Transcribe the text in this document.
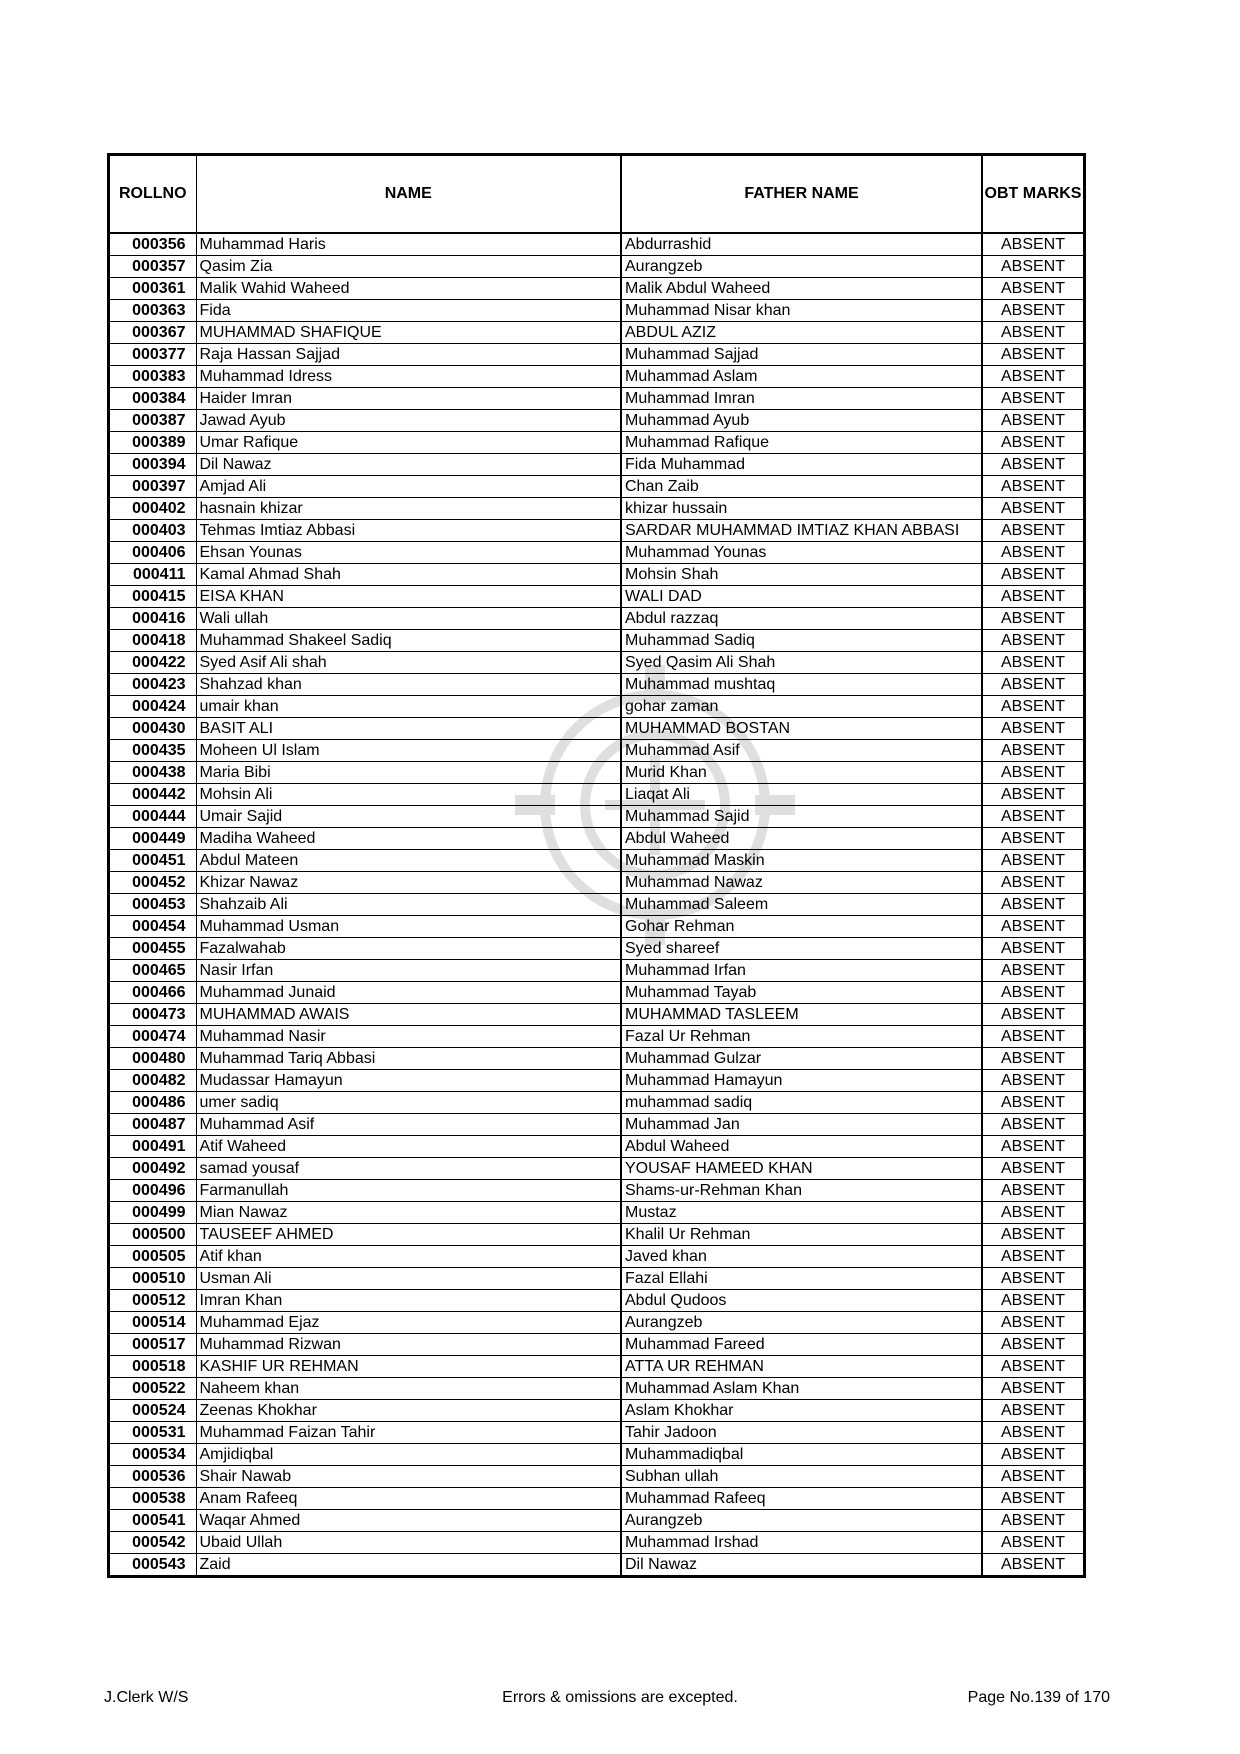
ROLLNO	NAME	FATHER NAME	OBT MARKS
000356	Muhammad Haris	Abdurrashid	ABSENT
000357	Qasim Zia	Aurangzeb	ABSENT
000361	Malik Wahid Waheed	Malik Abdul Waheed	ABSENT
000363	Fida	Muhammad Nisar khan	ABSENT
000367	MUHAMMAD SHAFIQUE	ABDUL AZIZ	ABSENT
000377	Raja Hassan Sajjad	Muhammad Sajjad	ABSENT
000383	Muhammad Idress	Muhammad Aslam	ABSENT
000384	Haider Imran	Muhammad Imran	ABSENT
000387	Jawad Ayub	Muhammad Ayub	ABSENT
000389	Umar Rafique	Muhammad Rafique	ABSENT
000394	Dil Nawaz	Fida Muhammad	ABSENT
000397	Amjad Ali	Chan Zaib	ABSENT
000402	hasnain khizar	khizar hussain	ABSENT
000403	Tehmas Imtiaz Abbasi	SARDAR MUHAMMAD IMTIAZ KHAN ABBASI	ABSENT
000406	Ehsan Younas	Muhammad Younas	ABSENT
000411	Kamal Ahmad Shah	Mohsin Shah	ABSENT
000415	EISA KHAN	WALI DAD	ABSENT
000416	Wali ullah	Abdul razzaq	ABSENT
000418	Muhammad Shakeel Sadiq	Muhammad Sadiq	ABSENT
000422	Syed Asif Ali shah	Syed Qasim Ali Shah	ABSENT
000423	Shahzad khan	Muhammad mushtaq	ABSENT
000424	umair khan	gohar zaman	ABSENT
000430	BASIT ALI	MUHAMMAD BOSTAN	ABSENT
000435	Moheen Ul Islam	Muhammad Asif	ABSENT
000438	Maria Bibi	Murid Khan	ABSENT
000442	Mohsin Ali	Liaqat Ali	ABSENT
000444	Umair Sajid	Muhammad Sajid	ABSENT
000449	Madiha Waheed	Abdul Waheed	ABSENT
000451	Abdul Mateen	Muhammad Maskin	ABSENT
000452	Khizar Nawaz	Muhammad Nawaz	ABSENT
000453	Shahzaib Ali	Muhammad Saleem	ABSENT
000454	Muhammad Usman	Gohar Rehman	ABSENT
000455	Fazalwahab	Syed shareef	ABSENT
000465	Nasir Irfan	Muhammad Irfan	ABSENT
000466	Muhammad Junaid	Muhammad Tayab	ABSENT
000473	MUHAMMAD AWAIS	MUHAMMAD TASLEEM	ABSENT
000474	Muhammad Nasir	Fazal Ur Rehman	ABSENT
000480	Muhammad Tariq Abbasi	Muhammad Gulzar	ABSENT
000482	Mudassar Hamayun	Muhammad Hamayun	ABSENT
000486	umer sadiq	muhammad sadiq	ABSENT
000487	Muhammad Asif	Muhammad Jan	ABSENT
000491	Atif Waheed	Abdul Waheed	ABSENT
000492	samad yousaf	YOUSAF HAMEED KHAN	ABSENT
000496	Farmanullah	Shams-ur-Rehman Khan	ABSENT
000499	Mian Nawaz	Mustaz	ABSENT
000500	TAUSEEF AHMED	Khalil Ur Rehman	ABSENT
000505	Atif khan	Javed khan	ABSENT
000510	Usman Ali	Fazal Ellahi	ABSENT
000512	Imran Khan	Abdul Qudoos	ABSENT
000514	Muhammad Ejaz	Aurangzeb	ABSENT
000517	Muhammad Rizwan	Muhammad Fareed	ABSENT
000518	KASHIF UR REHMAN	ATTA UR REHMAN	ABSENT
000522	Naheem khan	Muhammad Aslam Khan	ABSENT
000524	Zeenas Khokhar	Aslam Khokhar	ABSENT
000531	Muhammad Faizan Tahir	Tahir Jadoon	ABSENT
000534	Amjidiqbal	Muhammadiqbal	ABSENT
000536	Shair Nawab	Subhan ullah	ABSENT
000538	Anam Rafeeq	Muhammad Rafeeq	ABSENT
000541	Waqar Ahmed	Aurangzeb	ABSENT
000542	Ubaid Ullah	Muhammad Irshad	ABSENT
000543	Zaid	Dil Nawaz	ABSENT
J.Clerk W/S	Errors & omissions are excepted.	Page No.139 of 170
